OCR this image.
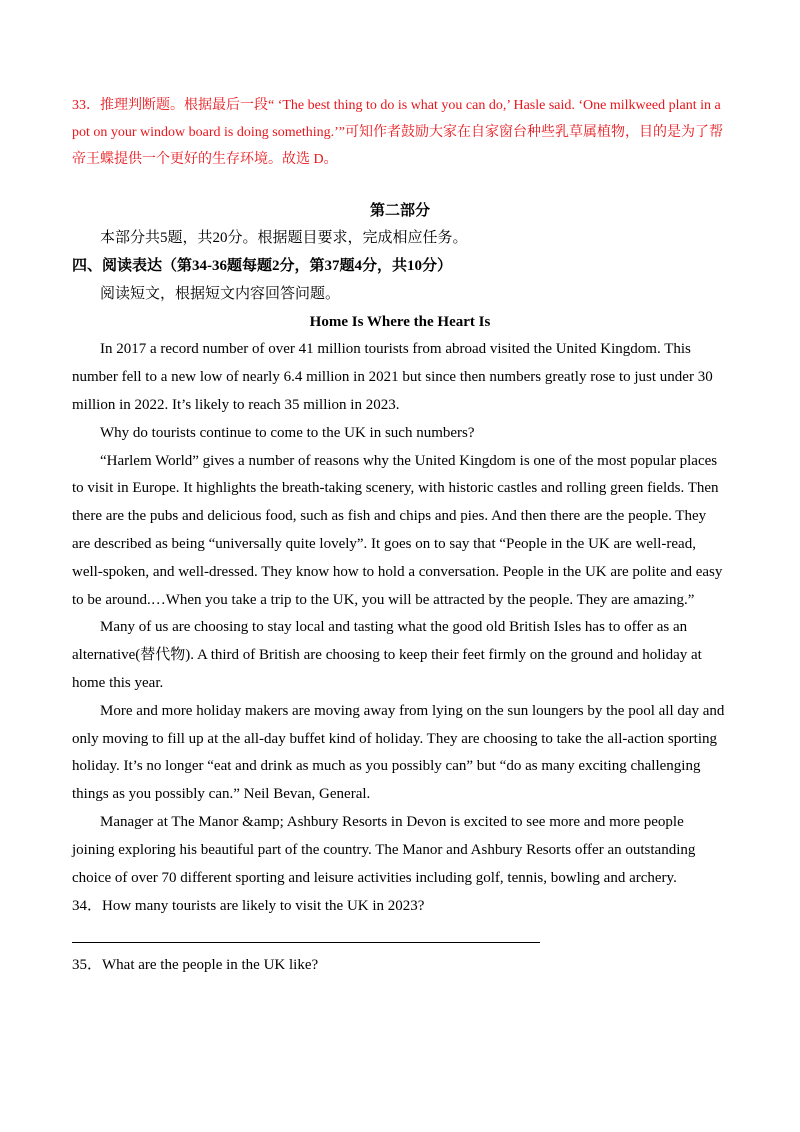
33．推理判断题。根据最后一段“ ‘The best thing to do is what you can do,’ Hasle said. ‘One milkweed plant in a pot on your window board is doing something.’”可知作者鼓励大家在自家窗台种些乳草属植物，目的是为了帮帝王蝶提供一个更好的生存环境。故选 D。

第二部分

本部分共5题，共20分。根据题目要求，完成相应任务。

四、阅读表达（第34-36题每题2分，第37题4分，共10分）

阅读短文，根据短文内容回答问题。

Home Is Where the Heart Is

In 2017 a record number of over 41 million tourists from abroad visited the United Kingdom. This number fell to a new low of nearly 6.4 million in 2021 but since then numbers greatly rose to just under 30 million in 2022. It’s likely to reach 35 million in 2023.

Why do tourists continue to come to the UK in such numbers?

“Harlem World” gives a number of reasons why the United Kingdom is one of the most popular places to visit in Europe. It highlights the breath-taking scenery, with historic castles and rolling green fields. Then there are the pubs and delicious food, such as fish and chips and pies. And then there are the people. They are described as being “universally quite lovely”. It goes on to say that “People in the UK are well-read, well-spoken, and well-dressed. They know how to hold a conversation. People in the UK are polite and easy to be around.…When you take a trip to the UK, you will be attracted by the people. They are amazing.”

Many of us are choosing to stay local and tasting what the good old British Isles has to offer as an alternative(替代物). A third of British are choosing to keep their feet firmly on the ground and holiday at home this year.

More and more holiday makers are moving away from lying on the sun loungers by the pool all day and only moving to fill up at the all-day buffet kind of holiday. They are choosing to take the all-action sporting holiday. It’s no longer “eat and drink as much as you possibly can” but “do as many exciting challenging things as you possibly can.” Neil Bevan, General.

Manager at The Manor &amp; Ashbury Resorts in Devon is excited to see more and more people joining exploring his beautiful part of the country. The Manor and Ashbury Resorts offer an outstanding choice of over 70 different sporting and leisure activities including golf, tennis, bowling and archery.

34．How many tourists are likely to visit the UK in 2023?

35．What are the people in the UK like?
